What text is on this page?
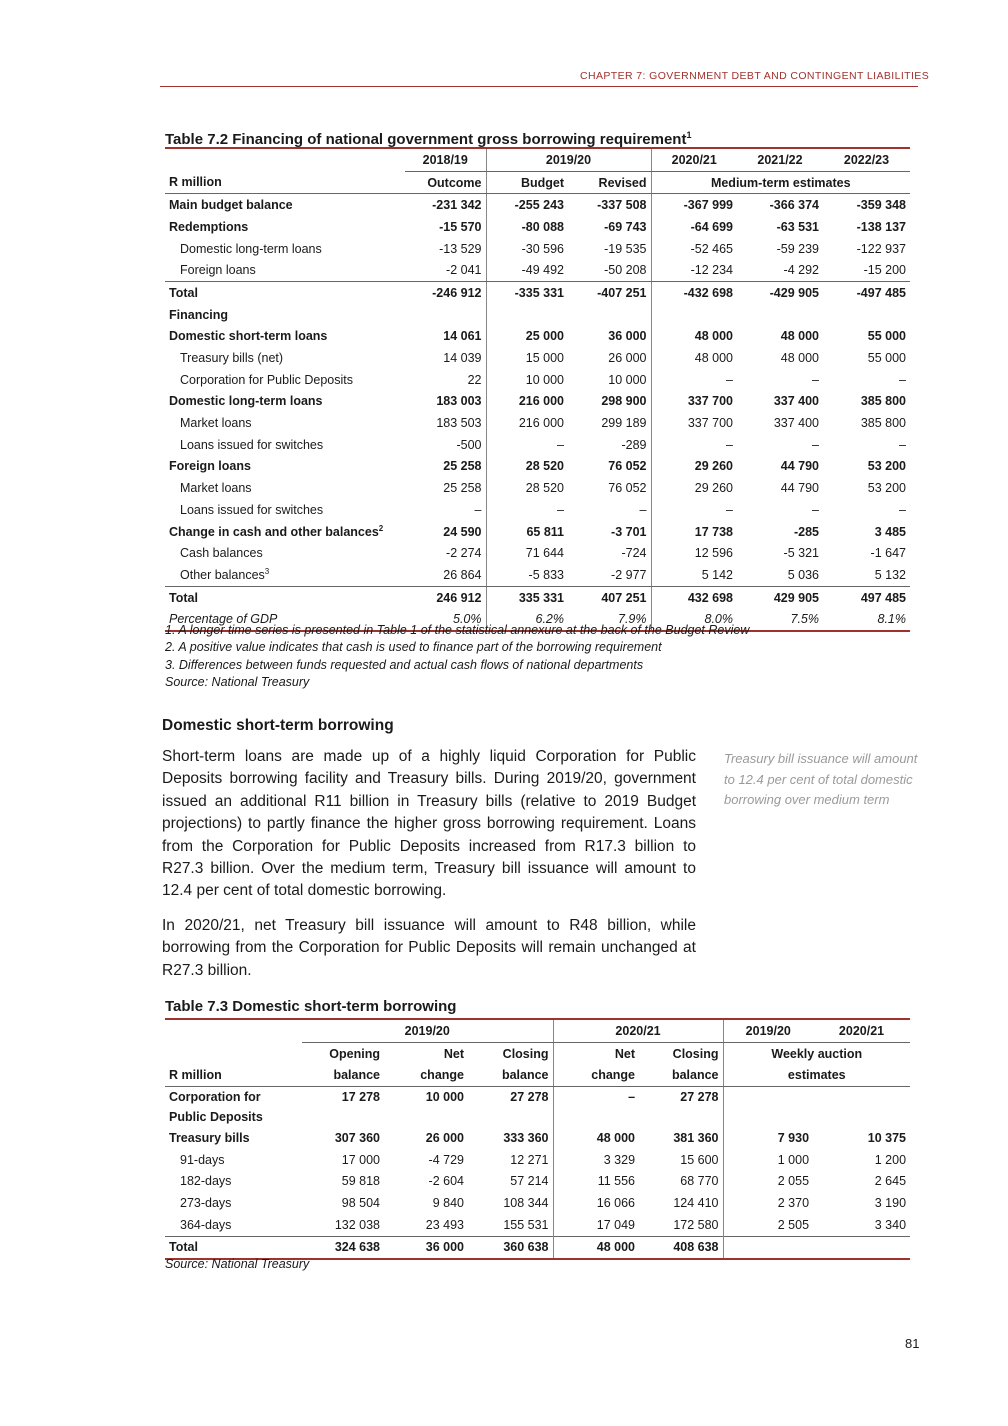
CHAPTER 7: GOVERNMENT DEBT AND CONTINGENT LIABILITIES
Table 7.2 Financing of national government gross borrowing requirement$^1$
	2018/19	2019/20		2020/21	2021/22	2022/23
R million	Outcome	Budget	Revised	Medium-term estimates		
Main budget balance	-231 342	-255 243	-337 508	-367 999	-366 374	-359 348
Redemptions	-15 570	-80 088	-69 743	-64 699	-63 531	-138 137
Domestic long-term loans	-13 529	-30 596	-19 535	-52 465	-59 239	-122 937
Foreign loans	-2 041	-49 492	-50 208	-12 234	-4 292	-15 200
Total	-246 912	-335 331	-407 251	-432 698	-429 905	-497 485
Financing						
Domestic short-term loans	14 061	25 000	36 000	48 000	48 000	55 000
Treasury bills (net)	14 039	15 000	26 000	48 000	48 000	55 000
Corporation for Public Deposits	22	10 000	10 000	–	–	–
Domestic long-term loans	183 003	216 000	298 900	337 700	337 400	385 800
Market loans	183 503	216 000	299 189	337 700	337 400	385 800
Loans issued for switches	-500	–	-289	–	–	–
Foreign loans	25 258	28 520	76 052	29 260	44 790	53 200
Market loans	25 258	28 520	76 052	29 260	44 790	53 200
Loans issued for switches	–	–	–	–	–	–
Change in cash and other balances$^2$	24 590	65 811	-3 701	17 738	-285	3 485
Cash balances	-2 274	71 644	-724	12 596	-5 321	-1 647
Other balances$^3$	26 864	-5 833	-2 977	5 142	5 036	5 132
Total	246 912	335 331	407 251	432 698	429 905	497 485
Percentage of GDP	5.0%	6.2%	7.9%	8.0%	7.5%	8.1%
1. A longer time series is presented in Table 1 of the statistical annexure at the back of the Budget Review
2. A positive value indicates that cash is used to finance part of the borrowing requirement
3. Differences between funds requested and actual cash flows of national departments
Source: National Treasury
Domestic short-term borrowing
Short-term loans are made up of a highly liquid Corporation for Public Deposits borrowing facility and Treasury bills. During 2019/20, government issued an additional R11 billion in Treasury bills (relative to 2019 Budget projections) to partly finance the higher gross borrowing requirement. Loans from the Corporation for Public Deposits increased from R17.3 billion to R27.3 billion. Over the medium term, Treasury bill issuance will amount to 12.4 per cent of total domestic borrowing.
In 2020/21, net Treasury bill issuance will amount to R48 billion, while borrowing from the Corporation for Public Deposits will remain unchanged at R27.3 billion.
Treasury bill issuance will amount to 12.4 per cent of total domestic borrowing over medium term
Table 7.3 Domestic short-term borrowing
	2019/20			2020/21		2019/20	2020/21
	Opening	Net	Closing	Net	Closing	Weekly auction	
R million	balance	change	balance	change	balance	estimates	

Corporation for
Public Deposits	17 278	10 000	27 278	–	27 278		
Treasury bills	307 360	26 000	333 360	48 000	381 360	7 930	10 375
91-days	17 000	-4 729	12 271	3 329	15 600	1 000	1 200
182-days	59 818	-2 604	57 214	11 556	68 770	2 055	2 645
273-days	98 504	9 840	108 344	16 066	124 410	2 370	3 190
364-days	132 038	23 493	155 531	17 049	172 580	2 505	3 340
Total	324 638	36 000	360 638	48 000	408 638		
Source: National Treasury
81
